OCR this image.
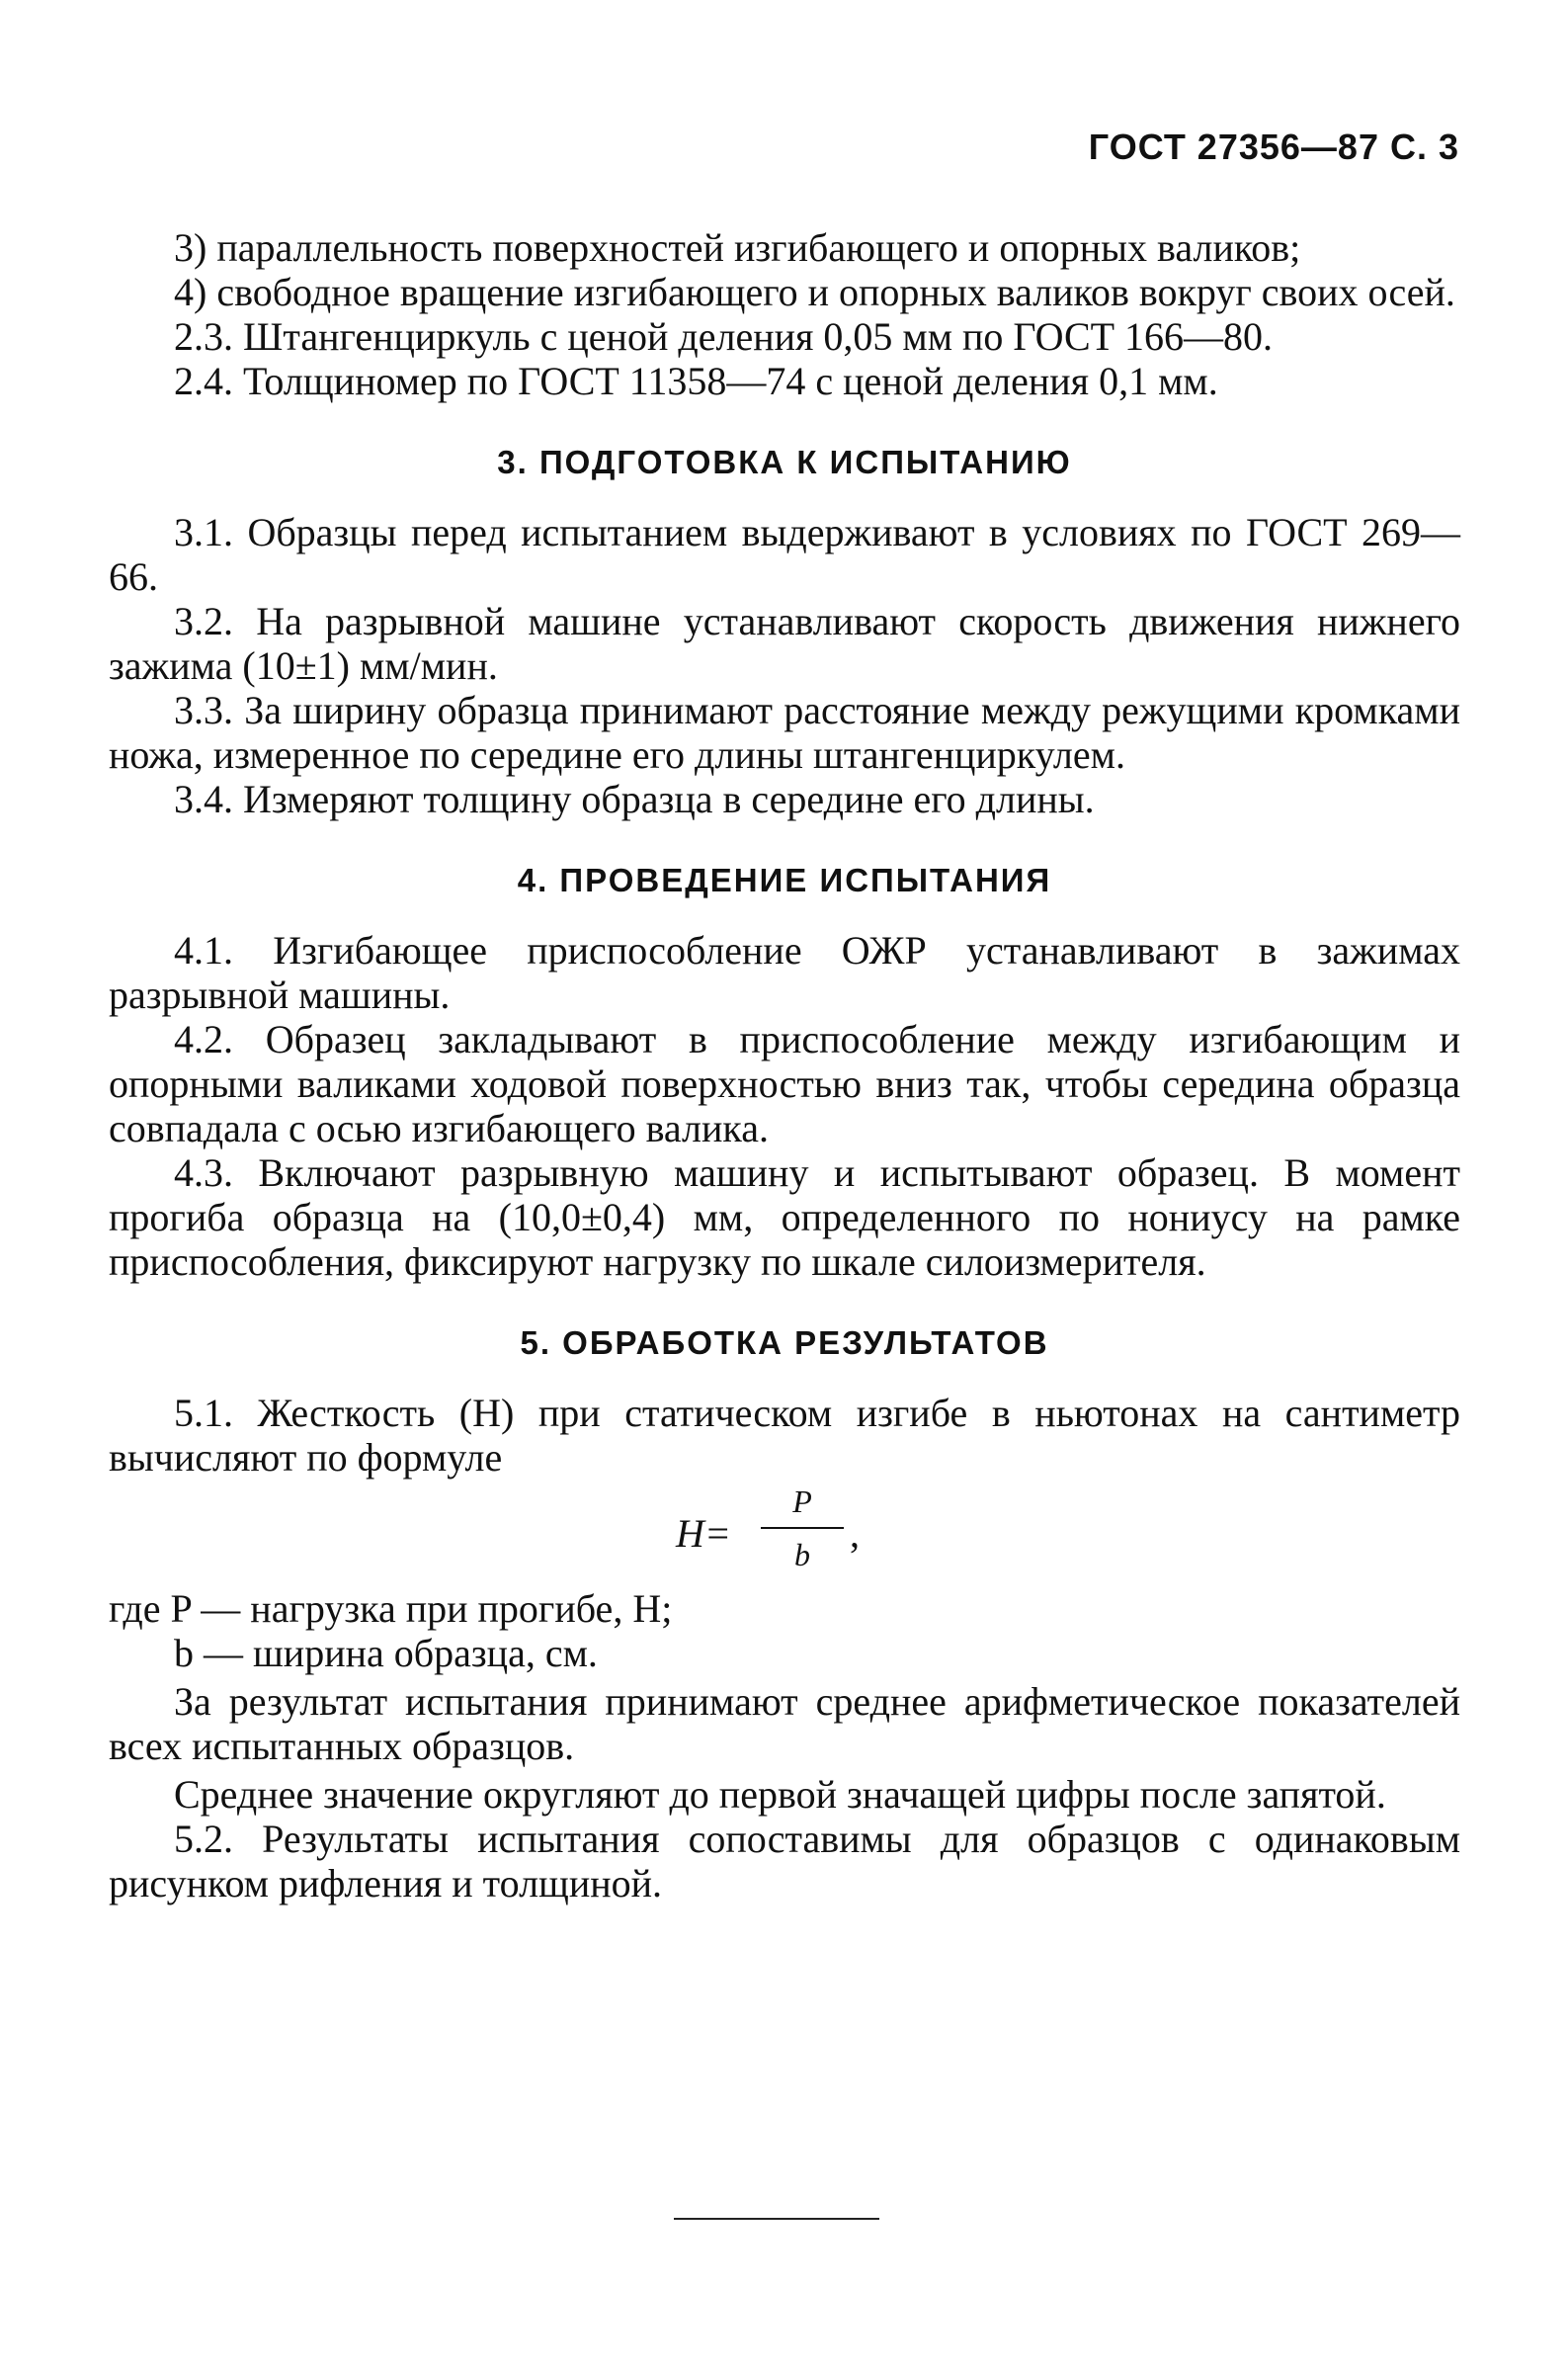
ГОСТ 27356—87 С. 3

3) параллельность поверхностей изгибающего и опорных валиков;

4) свободное вращение изгибающего и опорных валиков вокруг своих осей.

2.3. Штангенциркуль с ценой деления 0,05 мм по ГОСТ 166—80.

2.4. Толщиномер по ГОСТ 11358—74 с ценой деления 0,1 мм.

3. ПОДГОТОВКА К ИСПЫТАНИЮ

3.1. Образцы перед испытанием выдерживают в условиях по ГОСТ 269—66.

3.2. На разрывной машине устанавливают скорость движения нижнего зажима (10±1) мм/мин.

3.3. За ширину образца принимают расстояние между режущими кромками ножа, измеренное по середине его длины штангенциркулем.

3.4. Измеряют толщину образца в середине его длины.

4. ПРОВЕДЕНИЕ ИСПЫТАНИЯ

4.1. Изгибающее приспособление ОЖР устанавливают в зажимах разрывной машины.

4.2. Образец закладывают в приспособление между изгибающим и опорными валиками ходовой поверхностью вниз так, чтобы середина образца совпадала с осью изгибающего валика.

4.3. Включают разрывную машину и испытывают образец. В момент прогиба образца на (10,0±0,4) мм, определенного по нониусу на рамке приспособления, фиксируют нагрузку по шкале силоизмерителя.

5. ОБРАБОТКА РЕЗУЛЬТАТОВ

5.1. Жесткость (H) при статическом изгибе в ньютонах на сантиметр вычисляют по формуле

H=
P
b	,

где P — нагрузка при прогибе, Н;

b — ширина образца, см.

За результат испытания принимают среднее арифметическое показателей всех испытанных образцов.

Среднее значение округляют до первой значащей цифры после запятой.

5.2. Результаты испытания сопоставимы для образцов с одинаковым рисунком рифления и толщиной.
